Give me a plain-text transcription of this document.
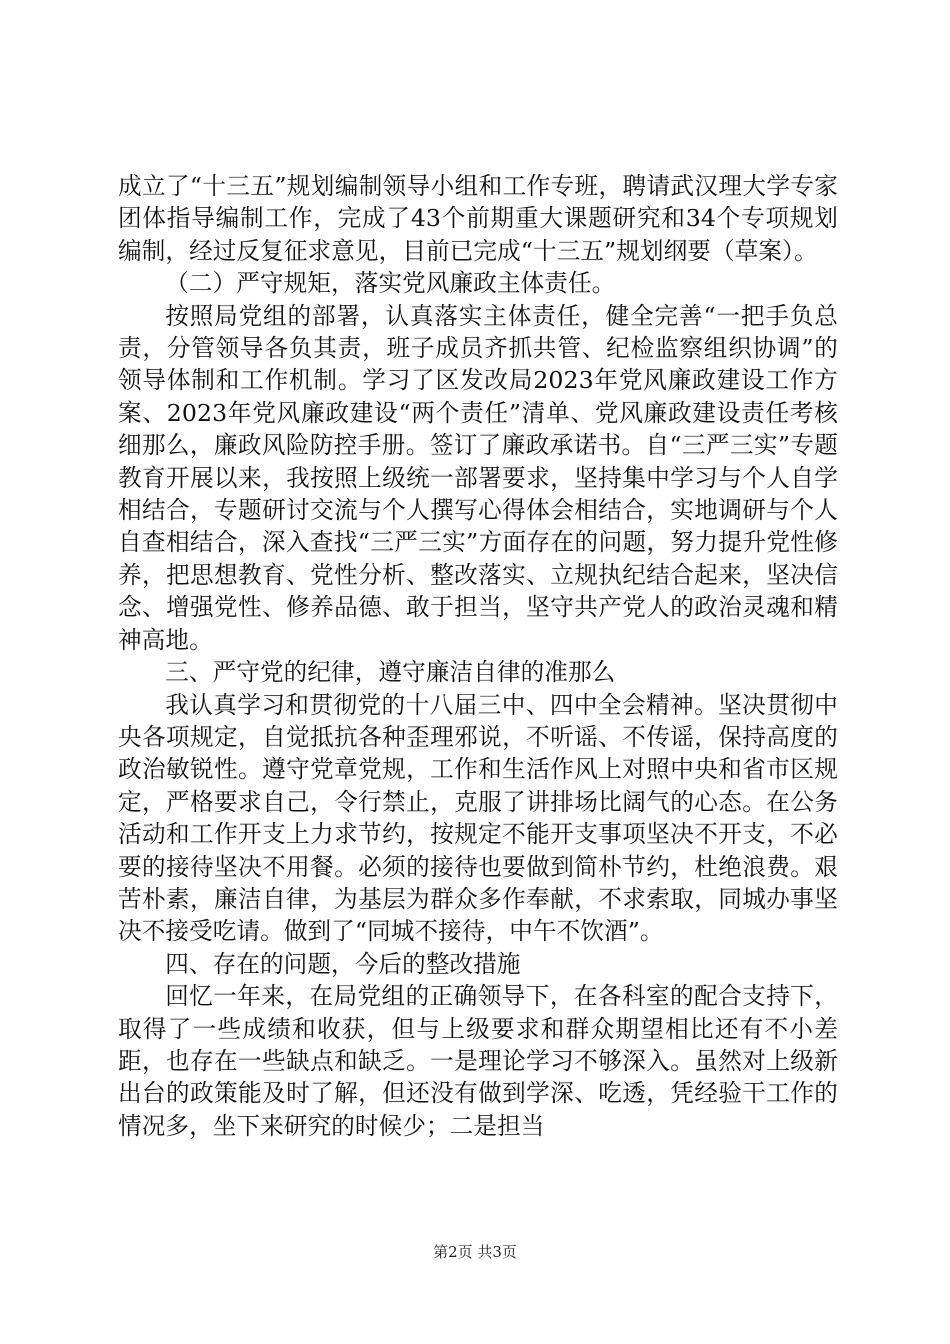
成立了“十三五”规划编制领导小组和工作专班，聘请武汉理大学专家团体指导编制工作，完成了43个前期重大课题研究和34个专项规划编制，经过反复征求意见，目前已完成“十三五”规划纲要（草案）。

（二）严守规矩，落实党风廉政主体责任。

按照局党组的部署，认真落实主体责任，健全完善“一把手负总责，分管领导各负其责，班子成员齐抓共管、纪检监察组织协调”的领导体制和工作机制。学习了区发改局2023年党风廉政建设工作方案、2023年党风廉政建设“两个责任”清单、党风廉政建设责任考核细那么，廉政风险防控手册。签订了廉政承诺书。自“三严三实”专题教育开展以来，我按照上级统一部署要求，坚持集中学习与个人自学相结合，专题研讨交流与个人撰写心得体会相结合，实地调研与个人自查相结合，深入查找“三严三实”方面存在的问题，努力提升党性修养，把思想教育、党性分析、整改落实、立规执纪结合起来，坚决信念、增强党性、修养品德、敢于担当，坚守共产党人的政治灵魂和精神高地。

三、严守党的纪律，遵守廉洁自律的准那么

我认真学习和贯彻党的十八届三中、四中全会精神。坚决贯彻中央各项规定，自觉抵抗各种歪理邪说，不听谣、不传谣，保持高度的政治敏锐性。遵守党章党规，工作和生活作风上对照中央和省市区规定，严格要求自己，令行禁止，克服了讲排场比阔气的心态。在公务活动和工作开支上力求节约，按规定不能开支事项坚决不开支，不必要的接待坚决不用餐。必须的接待也要做到简朴节约，杜绝浪费。艰苦朴素，廉洁自律，为基层为群众多作奉献，不求索取，同城办事坚决不接受吃请。做到了“同城不接待，中午不饮酒”。

四、存在的问题，今后的整改措施

回忆一年来，在局党组的正确领导下，在各科室的配合支持下，取得了一些成绩和收获，但与上级要求和群众期望相比还有不小差距，也存在一些缺点和缺乏。一是理论学习不够深入。虽然对上级新出台的政策能及时了解，但还没有做到学深、吃透，凭经验干工作的情况多，坐下来研究的时候少；二是担当

第2页 共3页
